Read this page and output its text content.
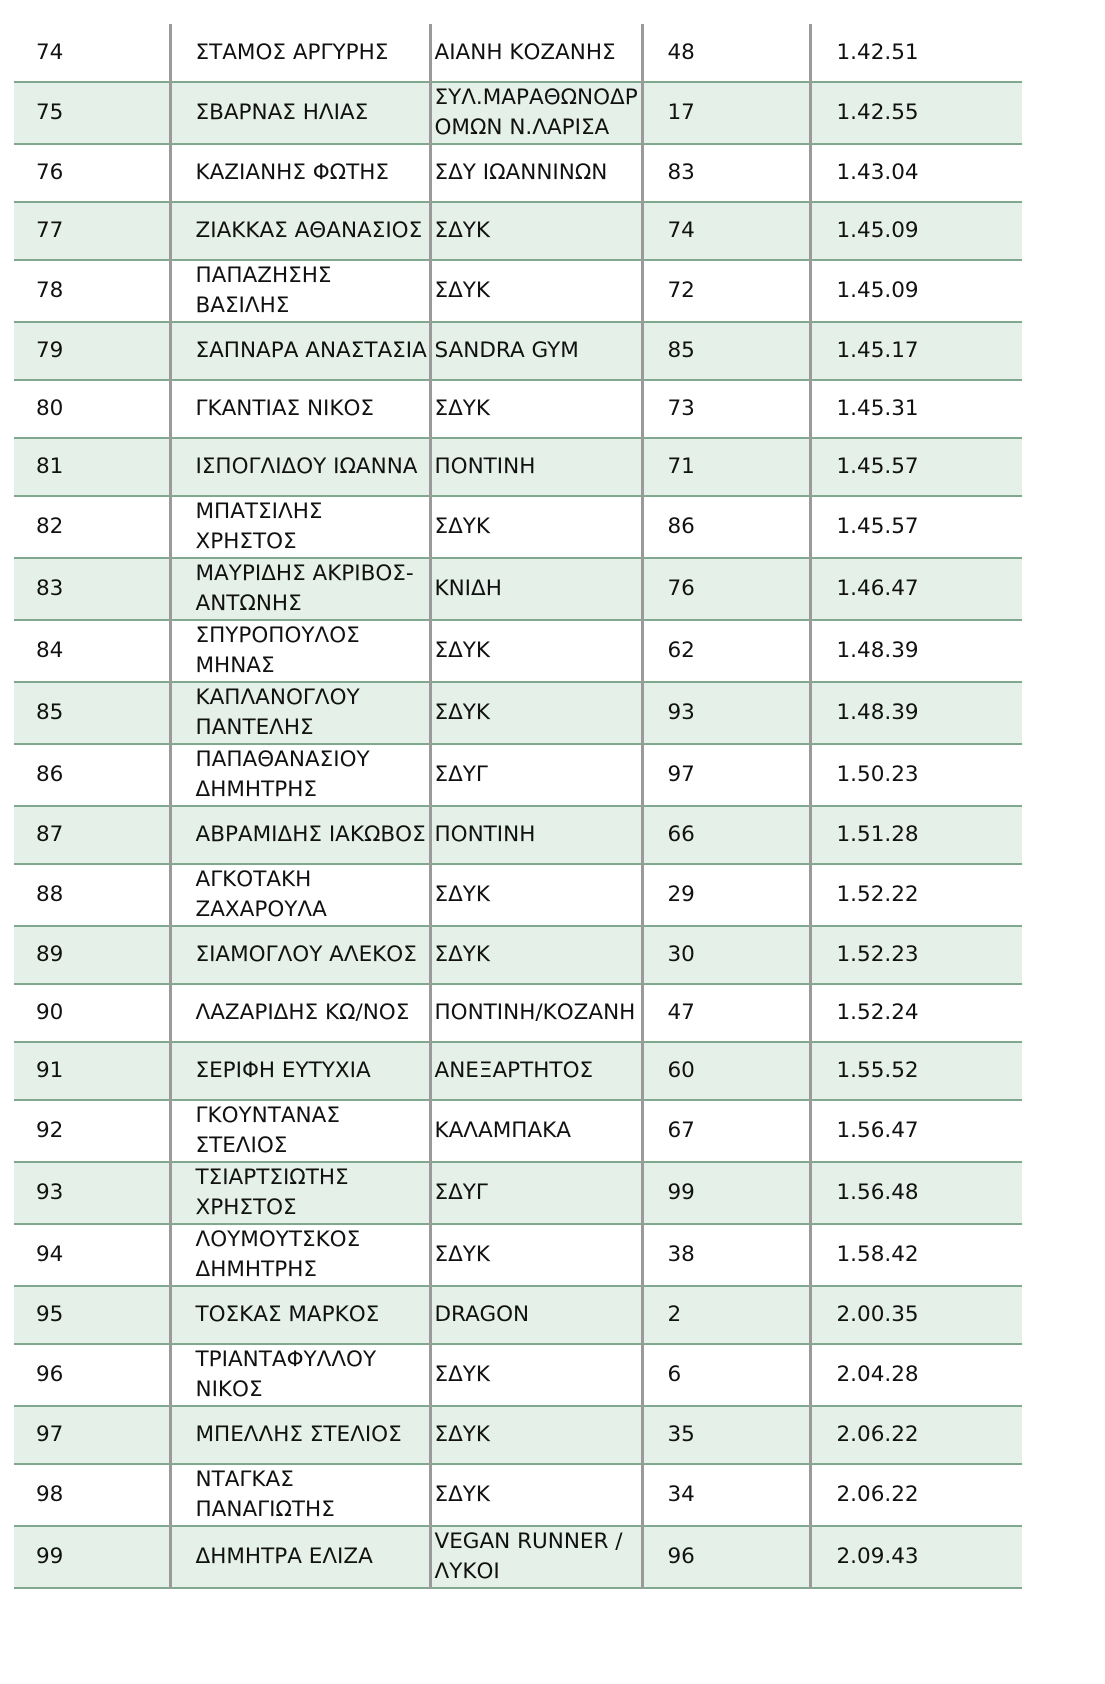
74	ΣΤΑΜΟΣ ΑΡΓΥΡΗΣ	ΑΙΑΝΗ ΚΟΖΑΝΗΣ	48	1.42.51
75	ΣΒΑΡΝΑΣ ΗΛΙΑΣ	ΣΥΛ.ΜΑΡΑΘΩΝΟΔΡ ΟΜΩΝ Ν.ΛΑΡΙΣΑ	17	1.42.55
76	ΚΑΖΙΑΝΗΣ ΦΩΤΗΣ	ΣΔΥ ΙΩΑΝΝΙΝΩΝ	83	1.43.04
77	ΖΙΑΚΚΑΣ ΑΘΑΝΑΣΙΟΣ	ΣΔΥΚ	74	1.45.09
78	ΠΑΠΑΖΗΣΗΣ ΒΑΣΙΛΗΣ	ΣΔΥΚ	72	1.45.09
79	ΣΑΠΝΑΡΑ ΑΝΑΣΤΑΣΙΑ	SANDRA GYM	85	1.45.17
80	ΓΚΑΝΤΙΑΣ ΝΙΚΟΣ	ΣΔΥΚ	73	1.45.31
81	ΙΣΠΟΓΛΙΔΟΥ ΙΩΑΝΝΑ	ΠΟΝΤΙΝΗ	71	1.45.57
82	ΜΠΑΤΣΙΛΗΣ ΧΡΗΣΤΟΣ	ΣΔΥΚ	86	1.45.57
83	ΜΑΥΡΙΔΗΣ ΑΚΡΙΒΟΣ-ΑΝΤΩΝΗΣ	ΚΝΙΔΗ	76	1.46.47
84	ΣΠΥΡΟΠΟΥΛΟΣ ΜΗΝΑΣ	ΣΔΥΚ	62	1.48.39
85	ΚΑΠΛΑΝΟΓΛΟΥ ΠΑΝΤΕΛΗΣ	ΣΔΥΚ	93	1.48.39
86	ΠΑΠΑΘΑΝΑΣΙΟΥ ΔΗΜΗΤΡΗΣ	ΣΔΥΓ	97	1.50.23
87	ΑΒΡΑΜΙΔΗΣ ΙΑΚΩΒΟΣ	ΠΟΝΤΙΝΗ	66	1.51.28
88	ΑΓΚΟΤΑΚΗ ΖΑΧΑΡΟΥΛΑ	ΣΔΥΚ	29	1.52.22
89	ΣΙΑΜΟΓΛΟΥ ΑΛΕΚΟΣ	ΣΔΥΚ	30	1.52.23
90	ΛΑΖΑΡΙΔΗΣ ΚΩ/ΝΟΣ	ΠΟΝΤΙΝΗ/ΚΟΖΑΝΗ	47	1.52.24
91	ΣΕΡΙΦΗ ΕΥΤΥΧΙΑ	ΑΝΕΞΑΡΤΗΤΟΣ	60	1.55.52
92	ΓΚΟΥΝΤΑΝΑΣ ΣΤΕΛΙΟΣ	ΚΑΛΑΜΠΑΚΑ	67	1.56.47
93	ΤΣΙΑΡΤΣΙΩΤΗΣ ΧΡΗΣΤΟΣ	ΣΔΥΓ	99	1.56.48
94	ΛΟΥΜΟΥΤΣΚΟΣ ΔΗΜΗΤΡΗΣ	ΣΔΥΚ	38	1.58.42
95	ΤΟΣΚΑΣ ΜΑΡΚΟΣ	DRAGON	2	2.00.35
96	ΤΡΙΑΝΤΑΦΥΛΛΟΥ ΝΙΚΟΣ	ΣΔΥΚ	6	2.04.28
97	ΜΠΕΛΛΗΣ ΣΤΕΛΙΟΣ	ΣΔΥΚ	35	2.06.22
98	ΝΤΑΓΚΑΣ ΠΑΝΑΓΙΩΤΗΣ	ΣΔΥΚ	34	2.06.22
99	ΔΗΜΗΤΡΑ ΕΛΙΖΑ	VEGAN RUNNER / ΛΥΚΟΙ	96	2.09.43
